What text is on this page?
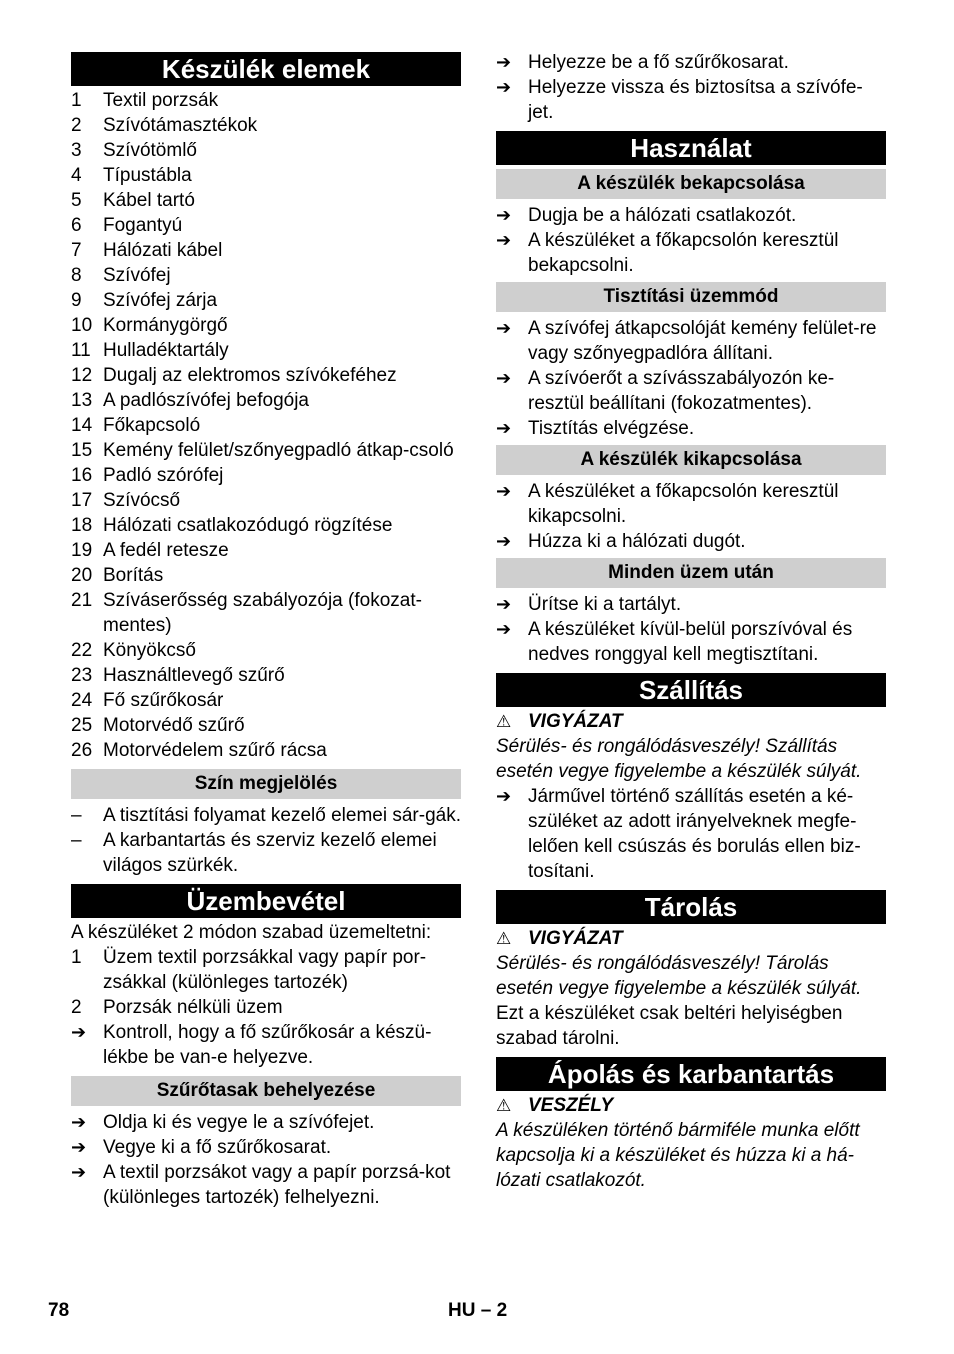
Készülék elemek
1	Textil porzsák
2	Szívótámasztékok
3	Szívótömlő
4	Típustábla
5	Kábel tartó
6	Fogantyú
7	Hálózati kábel
8	Szívófej
9	Szívófej zárja
10 Kormánygörgő
11 Hulladéktartály
12 Dugalj az elektromos szívókeféhez
13 A padlószívófej befogója
14 Főkapcsoló
15 Kemény felület/szőnyegpadló átkap-csoló
16 Padló szórófej
17 Szívócső
18 Hálózati csatlakozódugó rögzítése
19 A fedél retesze
20 Borítás
21 Szíváserősség szabályozója (fokozat-mentes)
22 Könyökcső
23 Használtlevegő szűrő
24 Fő szűrőkosár
25 Motorvédő szűrő
26 Motorvédelem szűrő rácsa
Szín megjelölés
–	A tisztítási folyamat kezelő elemei sár-gák.
–	A karbantartás és szerviz kezelő elemei világos szürkék.
Üzembevétel

A készüléket 2 módon szabad üzemeltetni:

1	Üzem textil porzsákkal vagy papír por-zsákkal (különleges tartozék)
2	Porzsák nélküli üzem
➔ Kontroll, hogy a fő szűrőkosár a készü-lékbe be van-e helyezve.
Szűrőtasak behelyezése
➔ Oldja ki és vegye le a szívófejet.
➔ Vegye ki a fő szűrőkosarat.
➔ A textil porzsákot vagy a papír porzsá-kot (különleges tartozék) felhelyezni.
➔ Helyezze be a fő szűrőkosarat.
➔ Helyezze vissza és biztosítsa a szívófe-jet.
Használat
A készülék bekapcsolása
➔ Dugja be a hálózati csatlakozót.
➔ A készüléket a főkapcsolón keresztül bekapcsolni.
Tisztítási üzemmód
➔ A szívófej átkapcsolóját kemény felület-re vagy szőnyegpadlóra állítani.
➔ A szívóerőt a szívásszabályozón ke-resztül beállítani (fokozatmentes).
➔ Tisztítás elvégzése.
A készülék kikapcsolása
➔ A készüléket a főkapcsolón keresztül kikapcsolni.
➔ Húzza ki a hálózati dugót.
Minden üzem után
➔ Ürítse ki a tartályt.
➔ A készüléket kívül-belül porszívóval és nedves ronggyal kell megtisztítani.
Szállítás
⚠ VIGYÁZAT

Sérülés- és rongálódásveszély! Szállítás esetén vegye figyelembe a készülék súlyát.

➔ Járművel történő szállítás esetén a ké-szüléket az adott irányelveknek megfe-lelően kell csúszás és borulás ellen biz-tosítani.
Tárolás
⚠ VIGYÁZAT

Sérülés- és rongálódásveszély! Tárolás esetén vegye figyelembe a készülék súlyát.

Ezt a készüléket csak beltéri helyiségben szabad tárolni.

Ápolás és karbantartás
⚠ VESZÉLY

A készüléken történő bármiféle munka előtt kapcsolja ki a készüléket és húzza ki a há-lózati csatlakozót.

78	HU – 2
